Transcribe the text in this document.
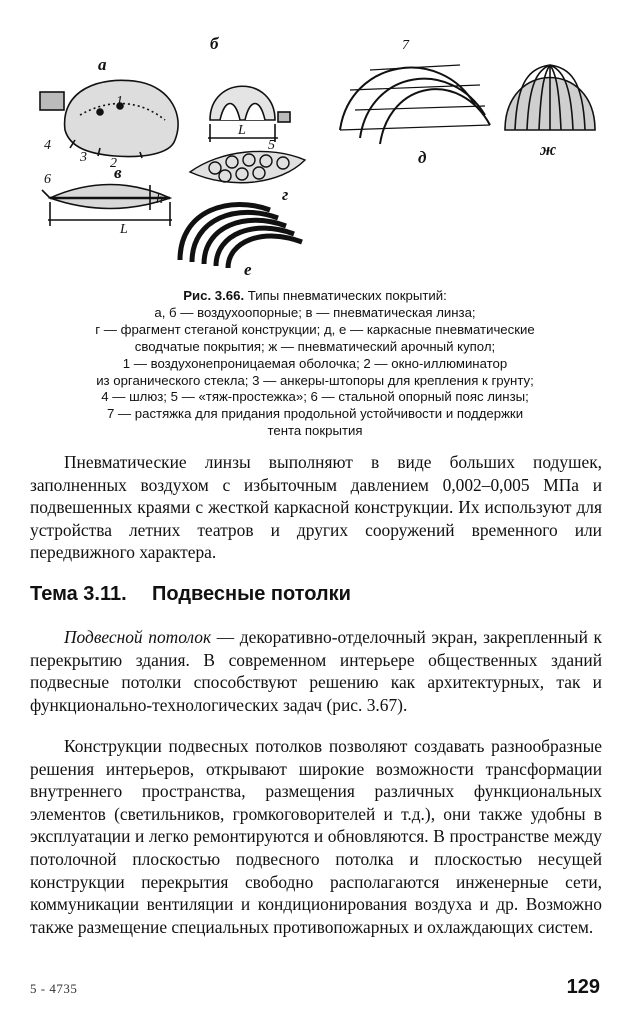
а
б
в
г
е
д	ж
L
L
h
1
2
3
4	5
6
7
Рис. 3.66. Типы пневматических покрытий:
а, б — воздухоопорные; в — пневматическая линза;
г — фрагмент стеганой конструкции; д, е — каркасные пневматические
сводчатые покрытия; ж — пневматический арочный купол;
1 — воздухонепроницаемая оболочка; 2 — окно-иллюминатор
из органического стекла; 3 — анкеры-штопоры для крепления к грунту;
4 — шлюз; 5 — «тяж-простежка»; 6 — стальной опорный пояс линзы;
7 — растяжка для придания продольной устойчивости и поддержки
тента покрытия

Пневматические линзы выполняют в виде больших подушек, заполненных воздухом с избыточным давлением 0,002–0,005 МПа и подвешенных краями с жесткой каркасной конструкции. Их используют для устройства летних театров и других сооружений временного или передвижного характера.

Тема 3.11. Подвесные потолки

Подвесной потолок — декоративно-отделочный экран, закрепленный к перекрытию здания. В современном интерьере общественных зданий подвесные потолки способствуют решению как архитектурных, так и функционально-технологических задач (рис. 3.67).

Конструкции подвесных потолков позволяют создавать разнообразные решения интерьеров, открывают широкие возможности трансформации внутреннего пространства, размещения различных функциональных элементов (светильников, громкоговорителей и т.д.), они также удобны в эксплуатации и легко ремонтируются и обновляются. В пространстве между потолочной плоскостью подвесного потолка и плоскостью несущей конструкции перекрытия свободно располагаются инженерные сети, коммуникации вентиляции и кондиционирования воздуха и др. Возможно также размещение специальных противопожарных и охлаждающих систем.

5 - 4735	129
